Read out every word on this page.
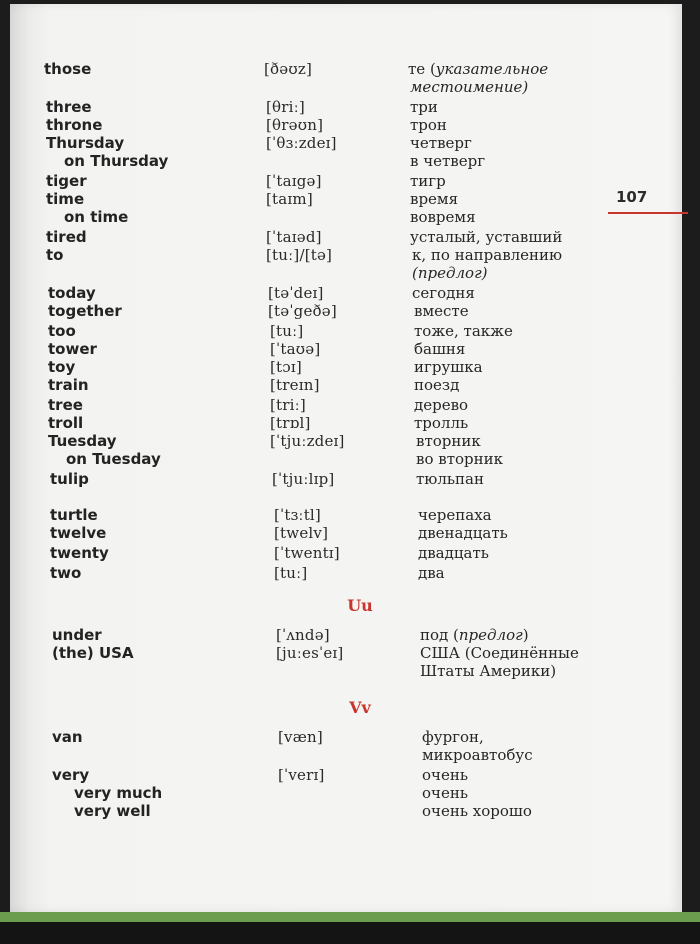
those	[ðəʊz]	те (указательное
местоимение)
three	[θriː]	три
throne	[θrəʊn]	трон
Thursday	[ˈθɜːzdeɪ]	четверг
on Thursday	в четверг
tiger	[ˈtaɪgə]	тигр
time	[taɪm]	время
on time	вовремя
tired	[ˈtaɪəd]	усталый, уставший
to	[tuː]/[tə]	к, по направлению
(предлог)
today	[təˈdeɪ]	сегодня
together	[təˈgeðə]	вместе
too	[tuː]	тоже, также
tower	[ˈtaʊə]	башня
toy	[tɔɪ]	игрушка
train	[treɪn]	поезд
tree	[triː]	дерево
troll	[trɒl]	тролль
Tuesday	[ˈtjuːzdeɪ]	вторник
on Tuesday	во вторник
tulip	[ˈtjuːlɪp]	тюльпан
turtle	[ˈtɜːtl]	черепаха
twelve	[twelv]	двенадцать
twenty	[ˈtwentɪ]	двадцать
two	[tuː]	два
under	[ˈʌndə]	под (предлог)
(the) USA	[juːesˈeɪ]	США (Соединённые
Штаты Америки)
van	[væn]	фургон,
микроавтобус
very	[ˈverɪ]	очень
very much	очень
very well	очень хорошо
Uu
Vv
107
